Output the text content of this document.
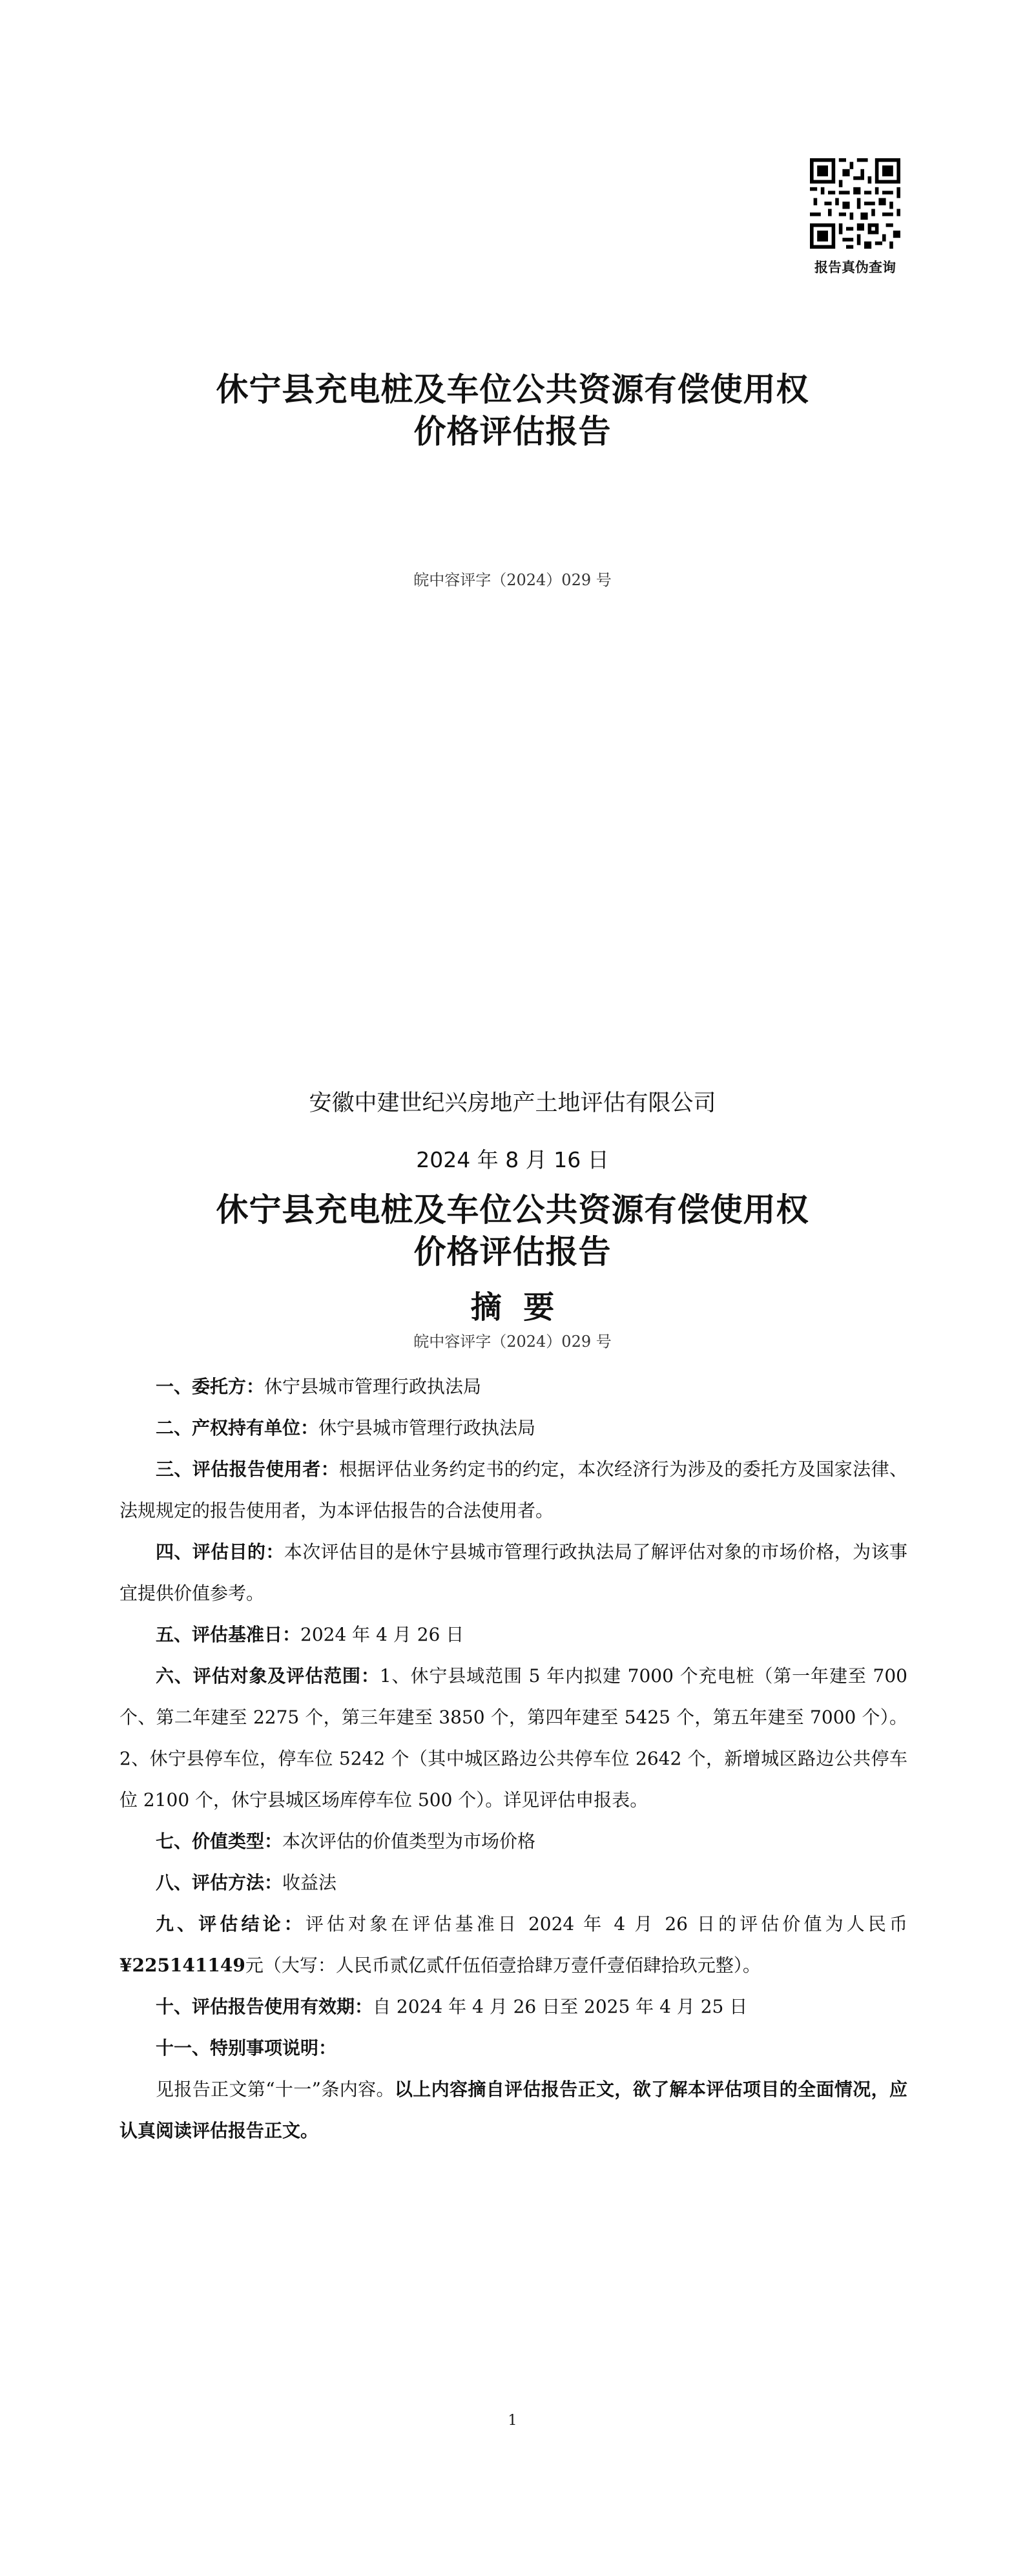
报告真伪查询
休宁县充电桩及车位公共资源有偿使用权
价格评估报告
皖中容评字（2024）029 号
安徽中建世纪兴房地产土地评估有限公司
2024 年 8 月 16 日
休宁县充电桩及车位公共资源有偿使用权
价格评估报告
摘  要
皖中容评字（2024）029 号

一、委托方：休宁县城市管理行政执法局

二、产权持有单位：休宁县城市管理行政执法局

三、评估报告使用者：根据评估业务约定书的约定，本次经济行为涉及的委托方及国家法律、法规规定的报告使用者，为本评估报告的合法使用者。

四、评估目的：本次评估目的是休宁县城市管理行政执法局了解评估对象的市场价格，为该事宜提供价值参考。

五、评估基准日：2024 年 4 月 26 日

六、评估对象及评估范围：1、休宁县域范围 5 年内拟建 7000 个充电桩（第一年建至 700 个、第二年建至 2275 个，第三年建至 3850 个，第四年建至 5425 个，第五年建至 7000 个）。2、休宁县停车位，停车位 5242 个（其中城区路边公共停车位 2642 个，新增城区路边公共停车位 2100 个，休宁县城区场库停车位 500 个）。详见评估申报表。

七、价值类型：本次评估的价值类型为市场价格

八、评估方法：收益法

九、评估结论：评估对象在评估基准日 2024 年 4 月 26 日的评估价值为人民币¥225141149元（大写：人民币贰亿贰仟伍佰壹拾肆万壹仟壹佰肆拾玖元整）。

十、评估报告使用有效期：自 2024 年 4 月 26 日至 2025 年 4 月 25 日

十一、特别事项说明：

见报告正文第“十一”条内容。以上内容摘自评估报告正文，欲了解本评估项目的全面情况，应认真阅读评估报告正文。

1
